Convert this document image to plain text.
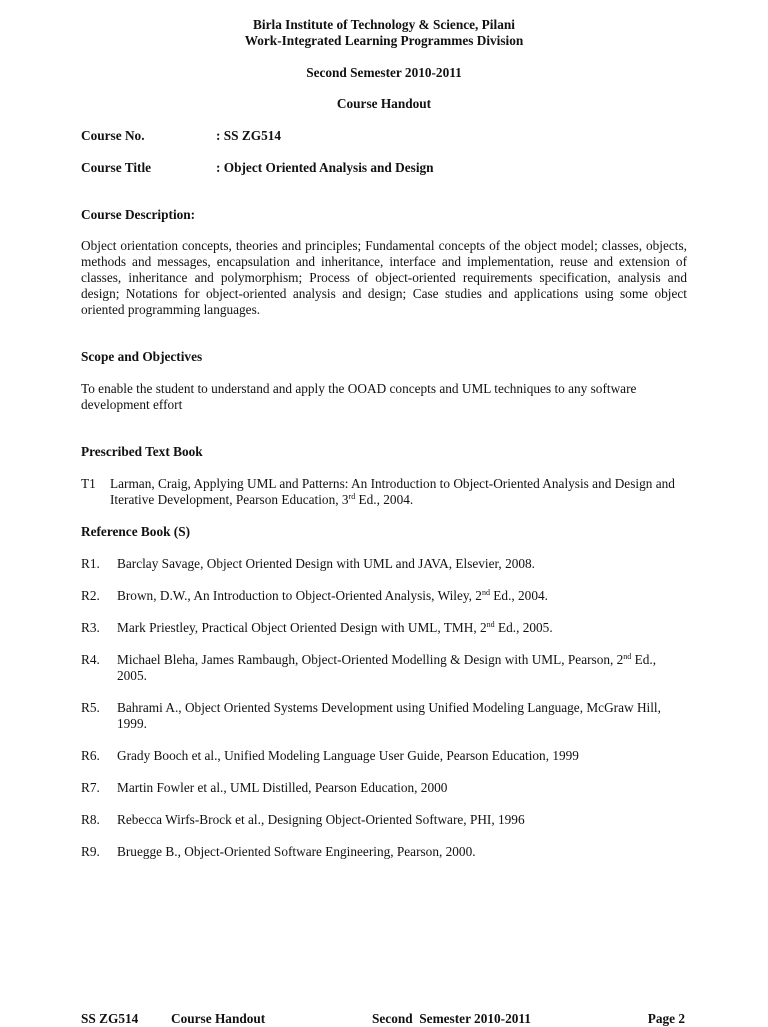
Birla Institute of Technology & Science, Pilani
Work-Integrated Learning Programmes Division
Second Semester 2010-2011
Course Handout
Course No.	: SS ZG514
Course Title	: Object Oriented Analysis and Design
Course Description:

Object orientation concepts, theories and principles; Fundamental concepts of the object model; classes, objects, methods and messages, encapsulation and inheritance, interface and implementation, reuse and extension of classes, inheritance and polymorphism; Process of object-oriented requirements specification, analysis and design; Notations for object-oriented analysis and design; Case studies and applications using some object oriented programming languages.

Scope and Objectives

To enable the student to understand and apply the OOAD concepts and UML techniques to any software development effort

Prescribed Text Book
T1	Larman, Craig, Applying UML and Patterns: An Introduction to Object-Oriented Analysis and Design and Iterative Development, Pearson Education, 3rd Ed., 2004.
Reference Book (S)
R1.	Barclay Savage, Object Oriented Design with UML and JAVA, Elsevier, 2008.
R2.	Brown, D.W., An Introduction to Object-Oriented Analysis, Wiley, 2nd Ed., 2004.
R3.	Mark Priestley, Practical Object Oriented Design with UML, TMH, 2nd Ed., 2005.
R4.	Michael Bleha, James Rambaugh, Object-Oriented Modelling & Design with UML, Pearson, 2nd Ed., 2005.
R5.	Bahrami A., Object Oriented Systems Development using Unified Modeling Language, McGraw Hill, 1999.
R6.	Grady Booch et al., Unified Modeling Language User Guide, Pearson Education, 1999
R7.	Martin Fowler et al., UML Distilled, Pearson Education, 2000
R8.	Rebecca Wirfs-Brock et al., Designing Object-Oriented Software, PHI, 1996
R9.	Bruegge B., Object-Oriented Software Engineering, Pearson, 2000.
SS ZG514 Course Handout	Second  Semester 2010-2011	Page 2
